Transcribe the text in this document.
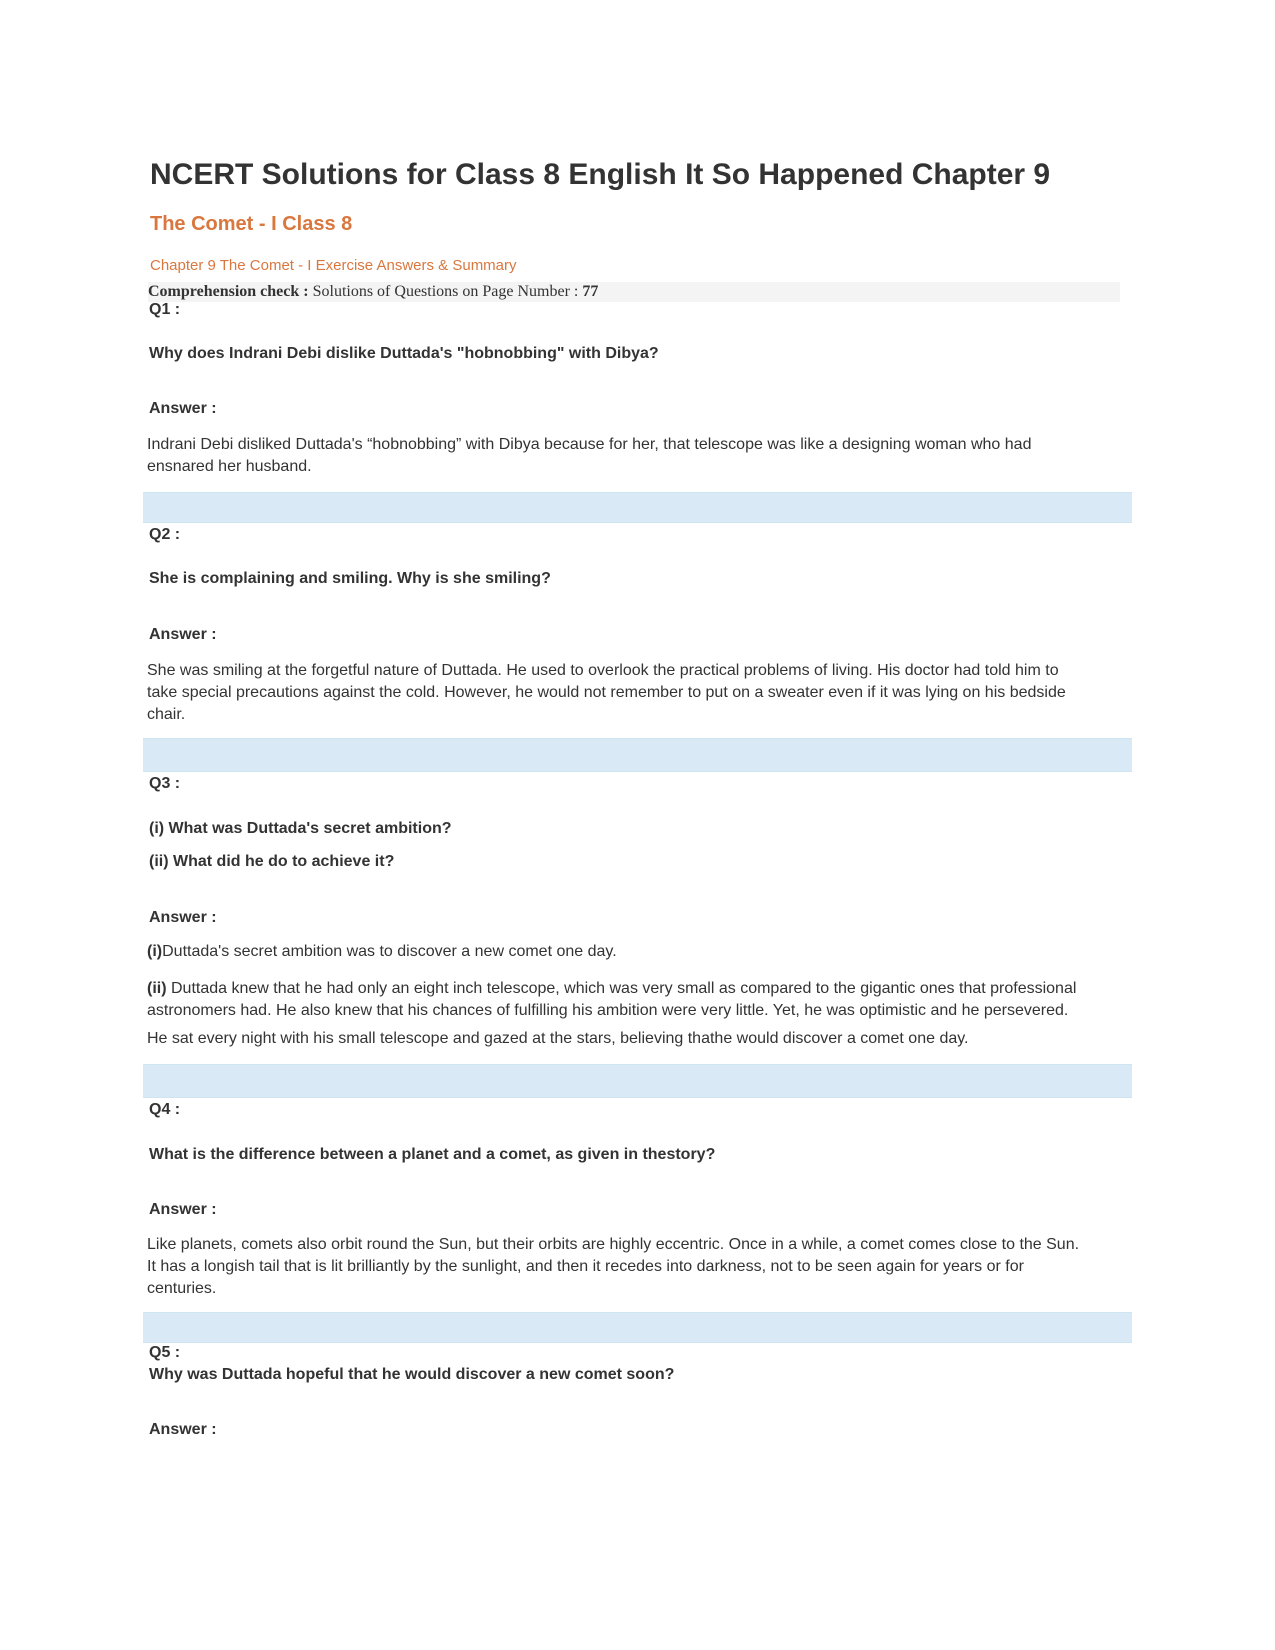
NCERT Solutions for Class 8 English It So Happened Chapter 9
The Comet - I Class 8
Chapter 9 The Comet - I Exercise Answers & Summary
Comprehension check : Solutions of Questions on Page Number : 77
Q1 :
Why does Indrani Debi dislike Duttada's "hobnobbing" with Dibya?
Answer :
Indrani Debi disliked Duttada's “hobnobbing” with Dibya because for her, that telescope was like a designing woman who had
ensnared her husband.
Q2 :
She is complaining and smiling. Why is she smiling?
Answer :
She was smiling at the forgetful nature of Duttada. He used to overlook the practical problems of living. His doctor had told him to
take special precautions against the cold. However, he would not remember to put on a sweater even if it was lying on his bedside
chair.
Q3 :
(i) What was Duttada's secret ambition?
(ii) What did he do to achieve it?
Answer :
(i)Duttada's secret ambition was to discover a new comet one day.
(ii) Duttada knew that he had only an eight inch telescope, which was very small as compared to the gigantic ones that professional
astronomers had. He also knew that his chances of fulfilling his ambition were very little. Yet, he was optimistic and he persevered.
He sat every night with his small telescope and gazed at the stars, believing thathe would discover a comet one day.
Q4 :
What is the difference between a planet and a comet, as given in thestory?
Answer :
Like planets, comets also orbit round the Sun, but their orbits are highly eccentric. Once in a while, a comet comes close to the Sun.
It has a longish tail that is lit brilliantly by the sunlight, and then it recedes into darkness, not to be seen again for years or for
centuries.
Q5 :
Why was Duttada hopeful that he would discover a new comet soon?
Answer :
